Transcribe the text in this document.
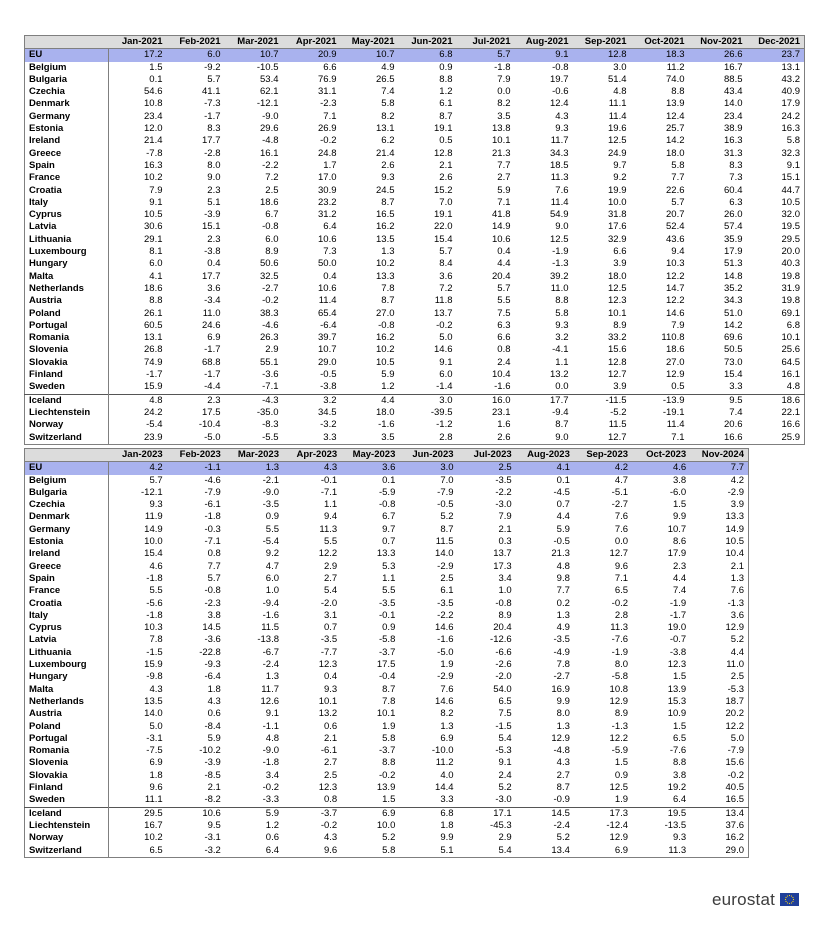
	Jan-2021	Feb-2021	Mar-2021	Apr-2021	May-2021	Jun-2021	Jul-2021	Aug-2021	Sep-2021	Oct-2021	Nov-2021	Dec-2021
EU	17.2	6.0	10.7	20.9	10.7	6.8	5.7	9.1	12.8	18.3	26.6	23.7
Belgium	1.5	-9.2	-10.5	6.6	4.9	0.9	-1.8	-0.8	3.0	11.2	16.7	13.1
Bulgaria	0.1	5.7	53.4	76.9	26.5	8.8	7.9	19.7	51.4	74.0	88.5	43.2
Czechia	54.6	41.1	62.1	31.1	7.4	1.2	0.0	-0.6	4.8	8.8	43.4	40.9
Denmark	10.8	-7.3	-12.1	-2.3	5.8	6.1	8.2	12.4	11.1	13.9	14.0	17.9
Germany	23.4	-1.7	-9.0	7.1	8.2	8.7	3.5	4.3	11.4	12.4	23.4	24.2
Estonia	12.0	8.3	29.6	26.9	13.1	19.1	13.8	9.3	19.6	25.7	38.9	16.3
Ireland	21.4	17.7	-4.8	-0.2	6.2	0.5	10.1	11.7	12.5	14.2	16.3	5.8
Greece	-7.8	-2.8	16.1	24.8	21.4	12.8	21.3	34.3	24.9	18.0	31.3	32.3
Spain	16.3	8.0	-2.2	1.7	2.6	2.1	7.7	18.5	9.7	5.8	8.3	9.1
France	10.2	9.0	7.2	17.0	9.3	2.6	2.7	11.3	9.2	7.7	7.3	15.1
Croatia	7.9	2.3	2.5	30.9	24.5	15.2	5.9	7.6	19.9	22.6	60.4	44.7
Italy	9.1	5.1	18.6	23.2	8.7	7.0	7.1	11.4	10.0	5.7	6.3	10.5
Cyprus	10.5	-3.9	6.7	31.2	16.5	19.1	41.8	54.9	31.8	20.7	26.0	32.0
Latvia	30.6	15.1	-0.8	6.4	16.2	22.0	14.9	9.0	17.6	52.4	57.4	19.5
Lithuania	29.1	2.3	6.0	10.6	13.5	15.4	10.6	12.5	32.9	43.6	35.9	29.5
Luxembourg	8.1	-3.8	8.9	7.3	1.3	5.7	0.4	-1.9	6.6	9.4	17.9	20.0
Hungary	6.0	0.4	50.6	50.0	10.2	8.4	4.4	-1.3	3.9	10.3	51.3	40.3
Malta	4.1	17.7	32.5	0.4	13.3	3.6	20.4	39.2	18.0	12.2	14.8	19.8
Netherlands	18.6	3.6	-2.7	10.6	7.8	7.2	5.7	11.0	12.5	14.7	35.2	31.9
Austria	8.8	-3.4	-0.2	11.4	8.7	11.8	5.5	8.8	12.3	12.2	34.3	19.8
Poland	26.1	11.0	38.3	65.4	27.0	13.7	7.5	5.8	10.1	14.6	51.0	69.1
Portugal	60.5	24.6	-4.6	-6.4	-0.8	-0.2	6.3	9.3	8.9	7.9	14.2	6.8
Romania	13.1	6.9	26.3	39.7	16.2	5.0	6.6	3.2	33.2	110.8	69.6	10.1
Slovenia	26.8	-1.7	2.9	10.7	10.2	14.6	0.8	-4.1	15.6	18.6	50.5	25.6
Slovakia	74.9	68.8	55.1	29.0	10.5	9.1	2.4	1.1	12.8	27.0	73.0	64.5
Finland	-1.7	-1.7	-3.6	-0.5	5.9	6.0	10.4	13.2	12.7	12.9	15.4	16.1
Sweden	15.9	-4.4	-7.1	-3.8	1.2	-1.4	-1.6	0.0	3.9	0.5	3.3	4.8
Iceland	4.8	2.3	-4.3	3.2	4.4	3.0	16.0	17.7	-11.5	-13.9	9.5	18.6
Liechtenstein	24.2	17.5	-35.0	34.5	18.0	-39.5	23.1	-9.4	-5.2	-19.1	7.4	22.1
Norway	-5.4	-10.4	-8.3	-3.2	-1.6	-1.2	1.6	8.7	11.5	11.4	20.6	16.6
Switzerland	23.9	-5.0	-5.5	3.3	3.5	2.8	2.6	9.0	12.7	7.1	16.6	25.9
	Jan-2023	Feb-2023	Mar-2023	Apr-2023	May-2023	Jun-2023	Jul-2023	Aug-2023	Sep-2023	Oct-2023	Nov-2024
EU	4.2	-1.1	1.3	4.3	3.6	3.0	2.5	4.1	4.2	4.6	7.7
Belgium	5.7	-4.6	-2.1	-0.1	0.1	7.0	-3.5	0.1	4.7	3.8	4.2
Bulgaria	-12.1	-7.9	-9.0	-7.1	-5.9	-7.9	-2.2	-4.5	-5.1	-6.0	-2.9
Czechia	9.3	-6.1	-3.5	1.1	-0.8	-0.5	-3.0	0.7	-2.7	1.5	3.9
Denmark	11.9	-1.8	0.9	9.4	6.7	5.2	7.9	4.4	7.6	9.9	13.3
Germany	14.9	-0.3	5.5	11.3	9.7	8.7	2.1	5.9	7.6	10.7	14.9
Estonia	10.0	-7.1	-5.4	5.5	0.7	11.5	0.3	-0.5	0.0	8.6	10.5
Ireland	15.4	0.8	9.2	12.2	13.3	14.0	13.7	21.3	12.7	17.9	10.4
Greece	4.6	7.7	4.7	2.9	5.3	-2.9	17.3	4.8	9.6	2.3	2.1
Spain	-1.8	5.7	6.0	2.7	1.1	2.5	3.4	9.8	7.1	4.4	1.3
France	5.5	-0.8	1.0	5.4	5.5	6.1	1.0	7.7	6.5	7.4	7.6
Croatia	-5.6	-2.3	-9.4	-2.0	-3.5	-3.5	-0.8	0.2	-0.2	-1.9	-1.3
Italy	-1.8	3.8	-1.6	3.1	-0.1	-2.2	8.9	1.3	2.8	-1.7	3.6
Cyprus	10.3	14.5	11.5	0.7	0.9	14.6	20.4	4.9	11.3	19.0	12.9
Latvia	7.8	-3.6	-13.8	-3.5	-5.8	-1.6	-12.6	-3.5	-7.6	-0.7	5.2
Lithuania	-1.5	-22.8	-6.7	-7.7	-3.7	-5.0	-6.6	-4.9	-1.9	-3.8	4.4
Luxembourg	15.9	-9.3	-2.4	12.3	17.5	1.9	-2.6	7.8	8.0	12.3	11.0
Hungary	-9.8	-6.4	1.3	0.4	-0.4	-2.9	-2.0	-2.7	-5.8	1.5	2.5
Malta	4.3	1.8	11.7	9.3	8.7	7.6	54.0	16.9	10.8	13.9	-5.3
Netherlands	13.5	4.3	12.6	10.1	7.8	14.6	6.5	9.9	12.9	15.3	18.7
Austria	14.0	0.6	9.1	13.2	10.1	8.2	7.5	8.0	8.9	10.9	20.2
Poland	5.0	-8.4	-1.1	0.6	1.9	1.3	-1.5	1.3	-1.3	1.5	12.2
Portugal	-3.1	5.9	4.8	2.1	5.8	6.9	5.4	12.9	12.2	6.5	5.0
Romania	-7.5	-10.2	-9.0	-6.1	-3.7	-10.0	-5.3	-4.8	-5.9	-7.6	-7.9
Slovenia	6.9	-3.9	-1.8	2.7	8.8	11.2	9.1	4.3	1.5	8.8	15.6
Slovakia	1.8	-8.5	3.4	2.5	-0.2	4.0	2.4	2.7	0.9	3.8	-0.2
Finland	9.6	2.1	-0.2	12.3	13.9	14.4	5.2	8.7	12.5	19.2	40.5
Sweden	11.1	-8.2	-3.3	0.8	1.5	3.3	-3.0	-0.9	1.9	6.4	16.5
Iceland	29.5	10.6	5.9	-3.7	6.9	6.8	17.1	14.5	17.3	19.5	13.4
Liechtenstein	16.7	9.5	1.2	-0.2	10.0	1.8	-45.3	-2.4	-12.4	-13.5	37.6
Norway	10.2	-3.1	0.6	4.3	5.2	9.9	2.9	5.2	12.9	9.3	16.2
Switzerland	6.5	-3.2	6.4	9.6	5.8	5.1	5.4	13.4	6.9	11.3	29.0
eurostat
